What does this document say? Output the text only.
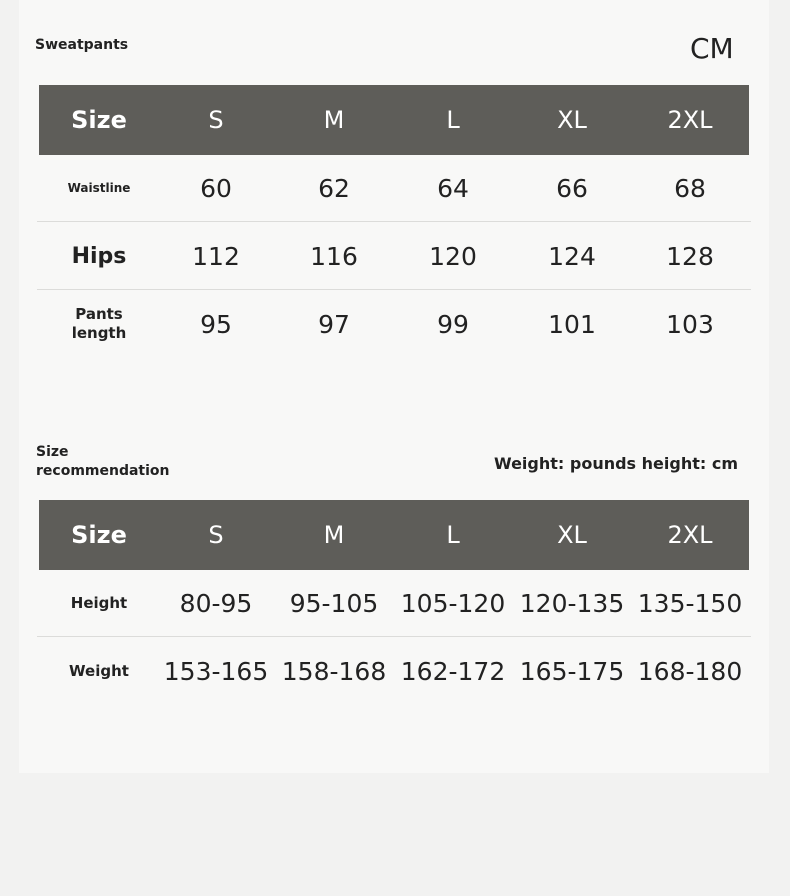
Sweatpants	CM
Size	S	M	L	XL	2XL
Waistline	60	62	64	66	68
Hips	112	116	120	124	128
Pants
length	95	97	99	101	103
Size
recommendation	Weight: pounds height: cm
Size	S	M	L	XL	2XL
Height	80-95	95-105 105-120 120-135 135-150
Weight	153-165 158-168 162-172 165-175 168-180
